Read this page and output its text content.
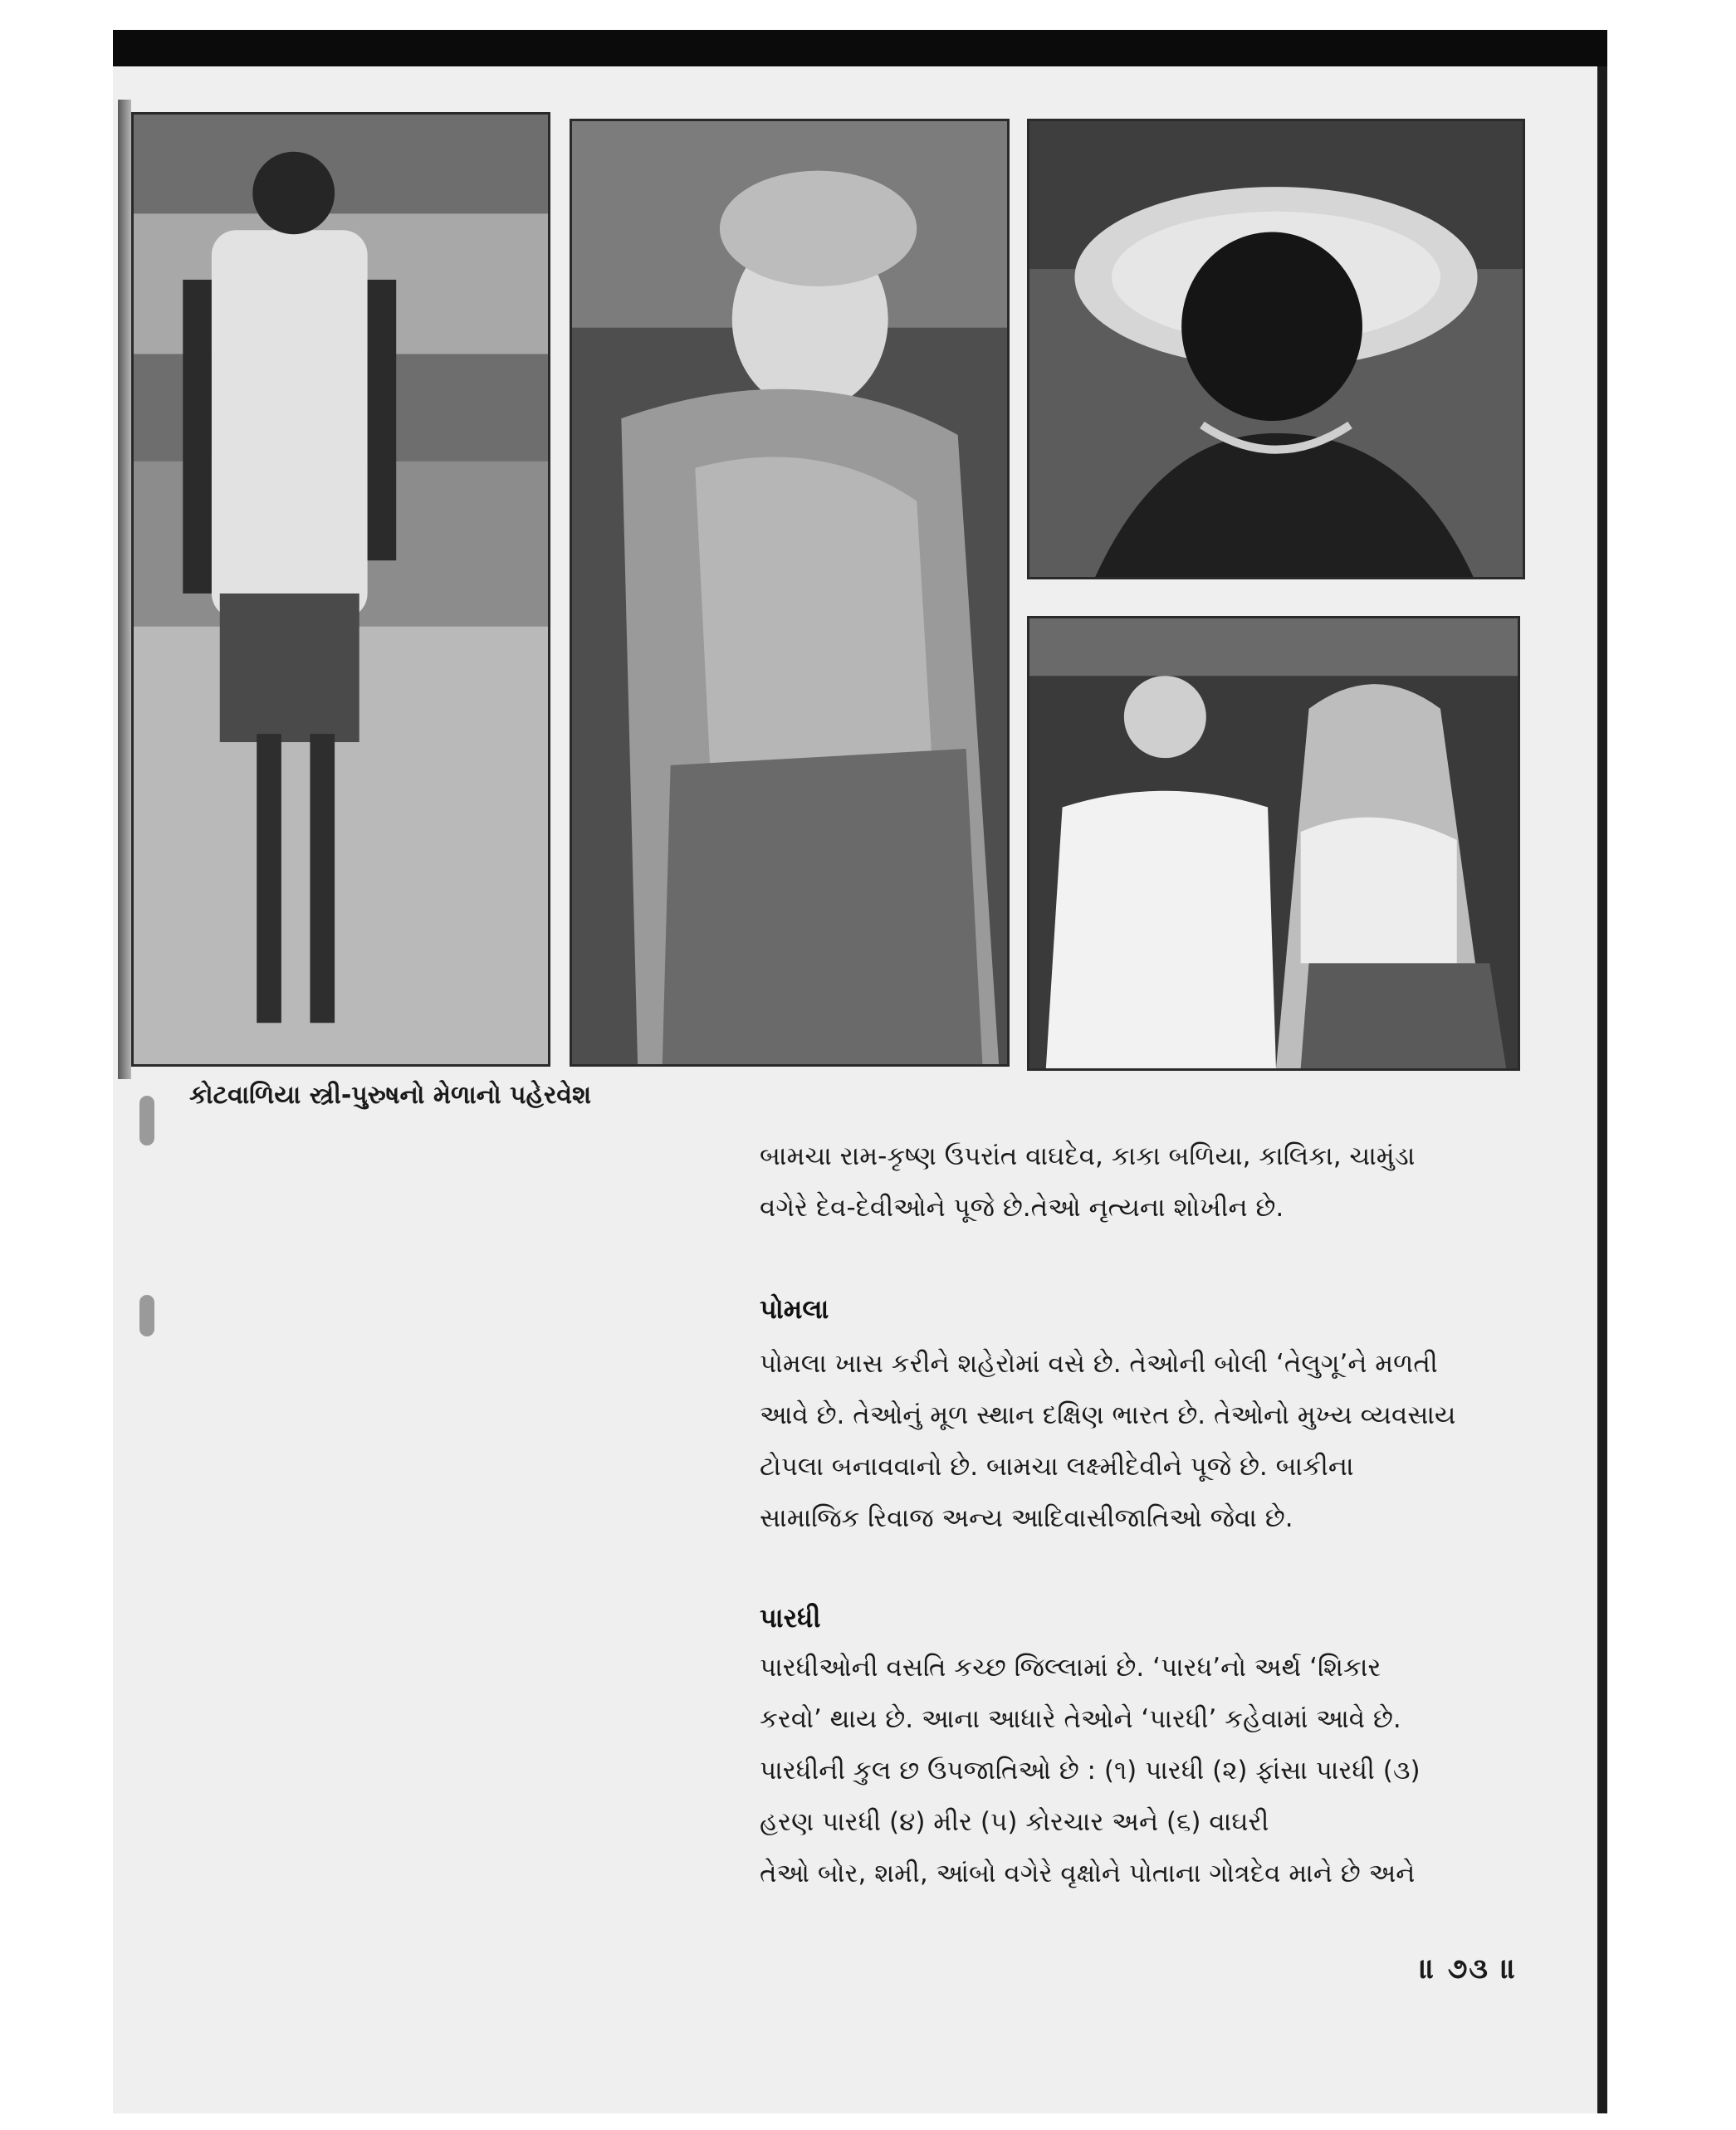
કોટવાળિયા સ્ત્રી-પુરુષનો મેળાનો પહેરવેશ

બામચા રામ-કૃષ્ણ ઉપરાંત વાઘદેવ, કાકા બળિયા, કાલિકા, ચામુંડા

વગેરે દેવ-દેવીઓને પૂજે છે.તેઓ નૃત્યના શોખીન છે.

પોમલા

પોમલા ખાસ કરીને શહેરોમાં વસે છે. તેઓની બોલી ‘તેલુગૂ’ને મળતી

આવે છે. તેઓનું મૂળ સ્થાન દક્ષિણ ભારત છે. તેઓનો મુખ્ય વ્યવસાય

ટોપલા બનાવવાનો છે. બામચા લક્ષ્મીદેવીને પૂજે છે. બાકીના

સામાજિક રિવાજ અન્ય આદિવાસીજાતિઓ જેવા છે.

પારધી

પારધીઓની વસતિ કચ્છ જિલ્લામાં છે. ‘પારધ’નો અર્થ ‘શિકાર

કરવો’ થાય છે. આના આધારે તેઓને ‘પારધી’ કહેવામાં આવે છે.

પારધીની કુલ છ ઉપજાતિઓ છે : (૧) પારધી (૨) ફાંસા પારધી (૩)

હરણ પારધી (૪) મીર (૫) કોરચાર અને (૬) વાઘરી

તેઓ બોર, શમી, આંબો વગેરે વૃક્ષોને પોતાના ગોત્રદેવ માને છે અને

॥ ૭૩ ॥
